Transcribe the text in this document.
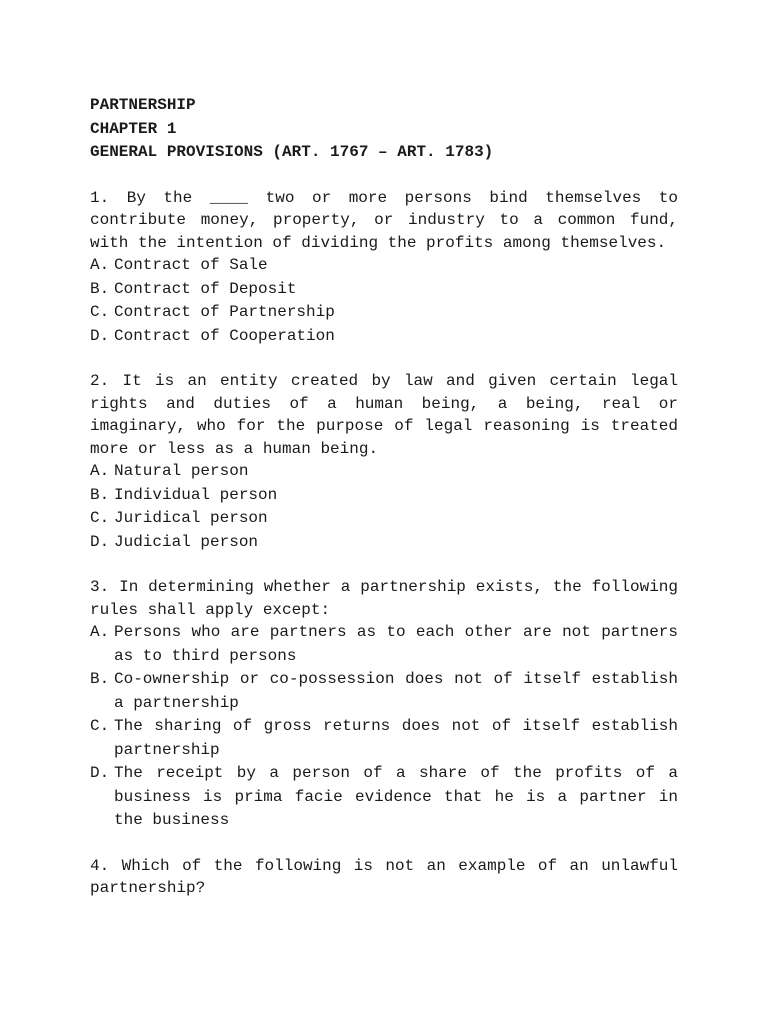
PARTNERSHIP

CHAPTER 1

GENERAL PROVISIONS (ART. 1767 – ART. 1783)

1. By the ____ two or more persons bind themselves to contribute money, property, or industry to a common fund, with the intention of dividing the profits among themselves.

A. Contract of Sale
B. Contract of Deposit
C. Contract of Partnership
D. Contract of Cooperation

2. It is an entity created by law and given certain legal rights and duties of a human being, a being, real or imaginary, who for the purpose of legal reasoning is treated more or less as a human being.

A. Natural person
B. Individual person
C. Juridical person
D. Judicial person

3. In determining whether a partnership exists, the following rules shall apply except:

A. Persons who are partners as to each other are not partners as to third persons
B. Co-ownership or co-possession does not of itself establish a partnership
C. The sharing of gross returns does not of itself establish partnership
D. The receipt by a person of a share of the profits of a business is prima facie evidence that he is a partner in the business

4. Which of the following is not an example of an unlawful partnership?
